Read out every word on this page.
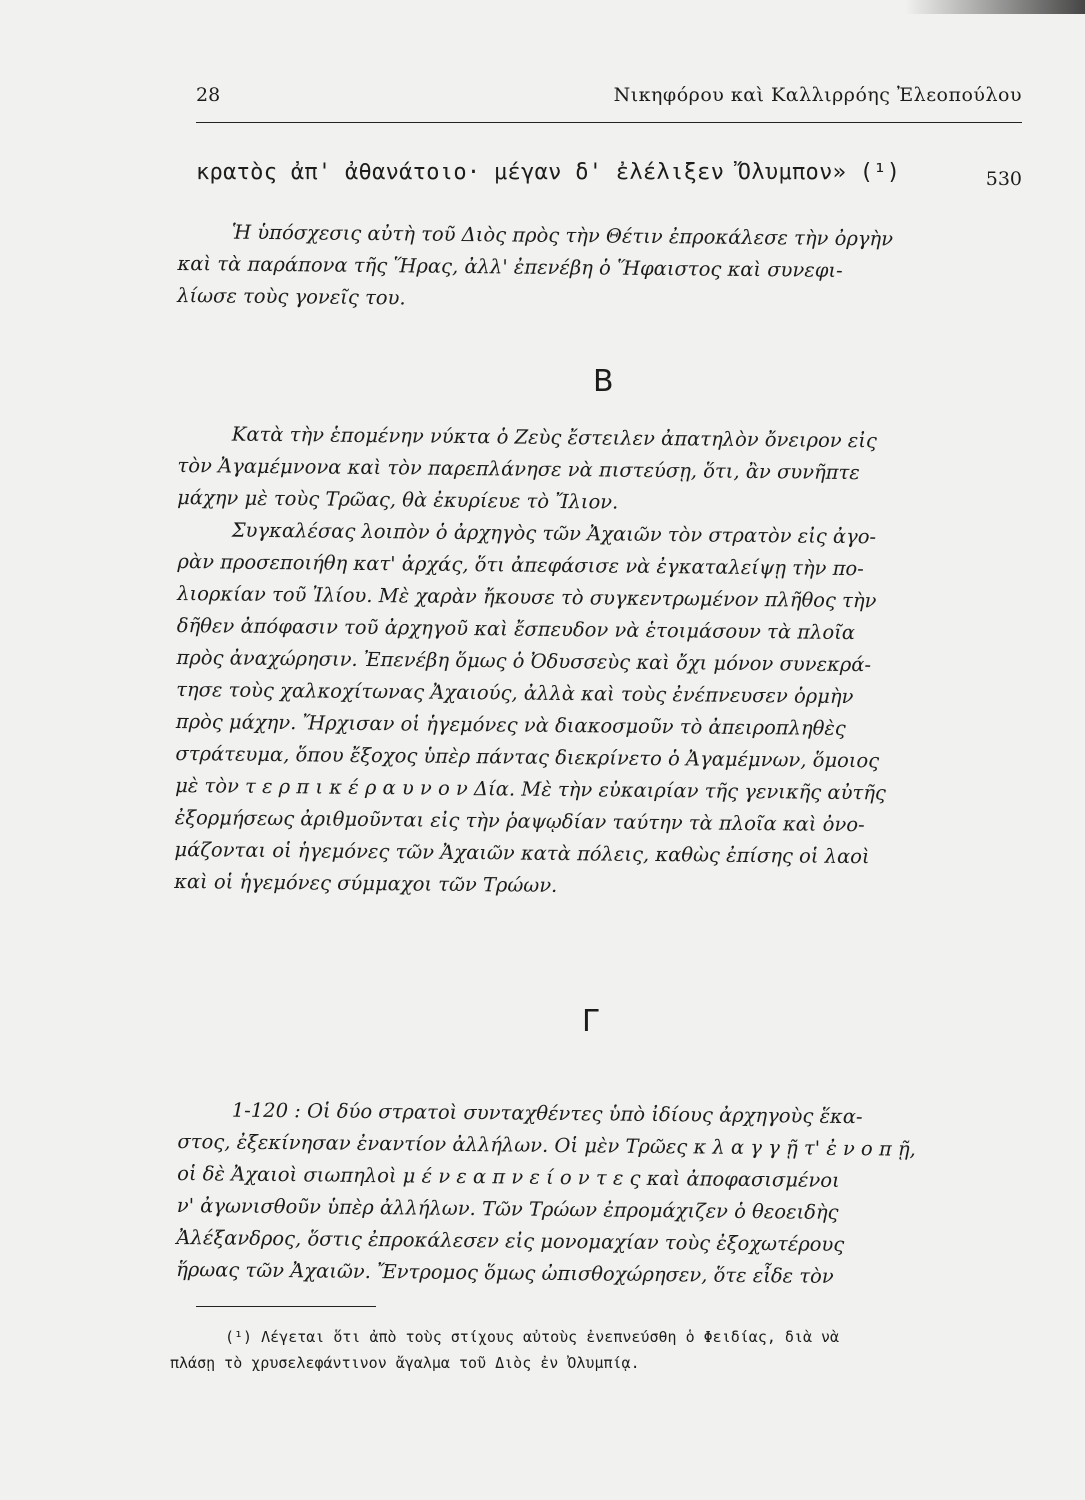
28	Νικηφόρου καὶ Καλλιρρόης Ἐλεοπούλου
κρατὸς ἀπ' ἀθανάτοιο· μέγαν δ' ἐλέλιξεν Ὄλυμπον» (¹)	530

Ἡ ὑπόσχεσις αὐτὴ τοῦ Διὸς πρὸς τὴν Θέτιν ἐπροκάλεσε τὴν ὀργὴν
καὶ τὰ παράπονα τῆς Ἥρας, ἀλλ' ἐπενέβη ὁ Ἥφαιστος καὶ συνεφι-
λίωσε τοὺς γονεῖς του.

B

Κατὰ τὴν ἑπομένην νύκτα ὁ Ζεὺς ἔστειλεν ἀπατηλὸν ὄνειρον εἰς
τὸν Ἀγαμέμνονα καὶ τὸν παρεπλάνησε νὰ πιστεύσῃ, ὅτι, ἂν συνῆπτε
μάχην μὲ τοὺς Τρῶας, θὰ ἐκυρίευε τὸ Ἴλιον.

Συγκαλέσας λοιπὸν ὁ ἀρχηγὸς τῶν Ἀχαιῶν τὸν στρατὸν εἰς ἀγο-
ρὰν προσεποιήθη κατ' ἀρχάς, ὅτι ἀπεφάσισε νὰ ἐγκαταλείψῃ τὴν πο-
λιορκίαν τοῦ Ἰλίου. Μὲ χαρὰν ἤκουσε τὸ συγκεντρωμένον πλῆθος τὴν
δῆθεν ἀπόφασιν τοῦ ἀρχηγοῦ καὶ ἔσπευδον νὰ ἑτοιμάσουν τὰ πλοῖα
πρὸς ἀναχώρησιν. Ἐπενέβη ὅμως ὁ Ὀδυσσεὺς καὶ ὄχι μόνον συνεκρά-
τησε τοὺς χαλκοχίτωνας Ἀχαιούς, ἀλλὰ καὶ τοὺς ἐνέπνευσεν ὁρμὴν
πρὸς μάχην. Ἤρχισαν οἱ ἡγεμόνες νὰ διακοσμοῦν τὸ ἀπειροπληθὲς
στράτευμα, ὅπου ἔξοχος ὑπὲρ πάντας διεκρίνετο ὁ Ἀγαμέμνων, ὅμοιος
μὲ τὸν τ ε ρ π ι κ έ ρ α υ ν ο ν Δία. Μὲ τὴν εὐκαιρίαν τῆς γενικῆς αὐτῆς
ἐξορμήσεως ἀριθμοῦνται εἰς τὴν ῥαψῳδίαν ταύτην τὰ πλοῖα καὶ ὀνο-
μάζονται οἱ ἡγεμόνες τῶν Ἀχαιῶν κατὰ πόλεις, καθὼς ἐπίσης οἱ λαοὶ
καὶ οἱ ἡγεμόνες σύμμαχοι τῶν Τρώων.

Γ

1-120 : Οἱ δύο στρατοὶ συνταχθέντες ὑπὸ ἰδίους ἀρχηγοὺς ἕκα-
στος, ἐξεκίνησαν ἐναντίον ἀλλήλων. Οἱ μὲν Τρῶες κ λ α γ γ ῇ τ' ἐ ν ο π ῇ,
οἱ δὲ Ἀχαιοὶ σιωπηλοὶ μ έ ν ε α π ν ε ί ο ν τ ε ς καὶ ἀποφασισμένοι
ν' ἀγωνισθοῦν ὑπὲρ ἀλλήλων. Τῶν Τρώων ἐπρομάχιζεν ὁ θεοειδὴς
Ἀλέξανδρος, ὅστις ἐπροκάλεσεν εἰς μονομαχίαν τοὺς ἐξοχωτέρους
ἥρωας τῶν Ἀχαιῶν. Ἔντρομος ὅμως ὠπισθοχώρησεν, ὅτε εἶδε τὸν

(¹) Λέγεται ὅτι ἀπὸ τοὺς στίχους αὐτοὺς ἐνεπνεύσθη ὁ Φειδίας, διὰ νὰ
πλάσῃ τὸ χρυσελεφάντινον ἄγαλμα τοῦ Διὸς ἐν Ὀλυμπίᾳ.
